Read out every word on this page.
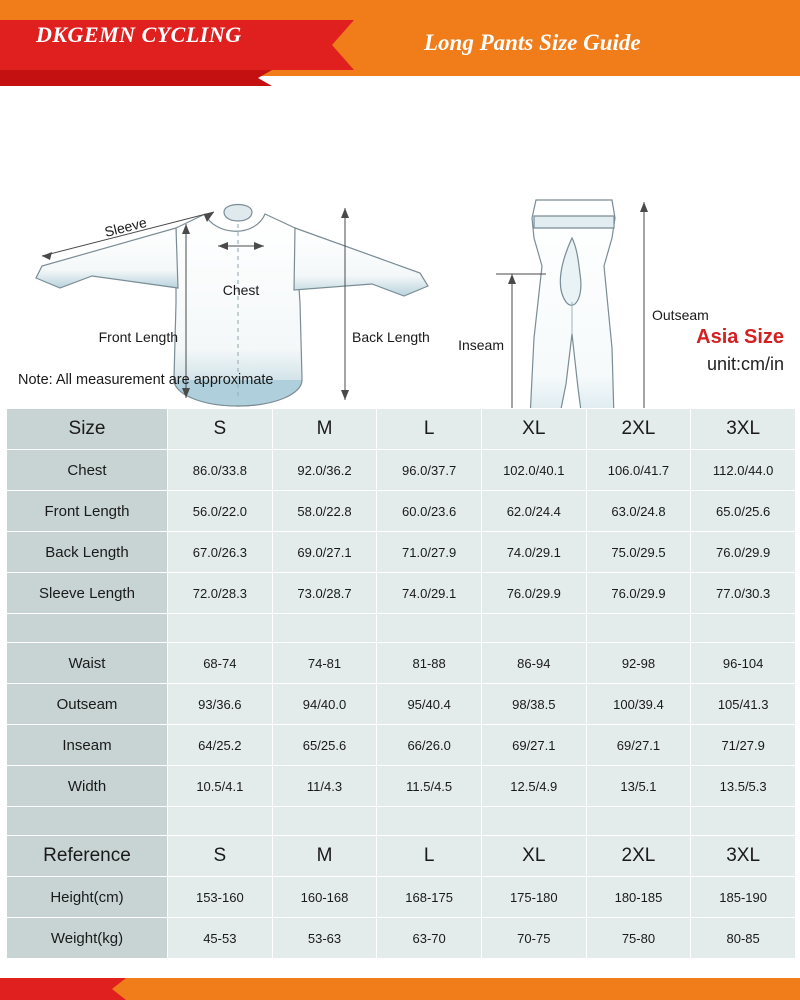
DKGEMN CYCLING	Long Pants Size Guide
Sleeve
Chest
Front Length	Back Length
Outseam
Inseam	Asia Size
unit:cm/in
Note: All measurement are approximate
Size	S	M	L	XL	2XL	3XL
Chest	86.0/33.8	92.0/36.2	96.0/37.7	102.0/40.1	106.0/41.7	112.0/44.0
Front Length	56.0/22.0	58.0/22.8	60.0/23.6	62.0/24.4	63.0/24.8	65.0/25.6
Back Length	67.0/26.3	69.0/27.1	71.0/27.9	74.0/29.1	75.0/29.5	76.0/29.9
Sleeve Length	72.0/28.3	73.0/28.7	74.0/29.1	76.0/29.9	76.0/29.9	77.0/30.3

Waist	68-74	74-81	81-88	86-94	92-98	96-104
Outseam	93/36.6	94/40.0	95/40.4	98/38.5	100/39.4	105/41.3
Inseam	64/25.2	65/25.6	66/26.0	69/27.1	69/27.1	71/27.9
Width	10.5/4.1	11/4.3	11.5/4.5	12.5/4.9	13/5.1	13.5/5.3

Reference	S	M	L	XL	2XL	3XL
Height(cm)	153-160	160-168	168-175	175-180	180-185	185-190
Weight(kg)	45-53	53-63	63-70	70-75	75-80	80-85
